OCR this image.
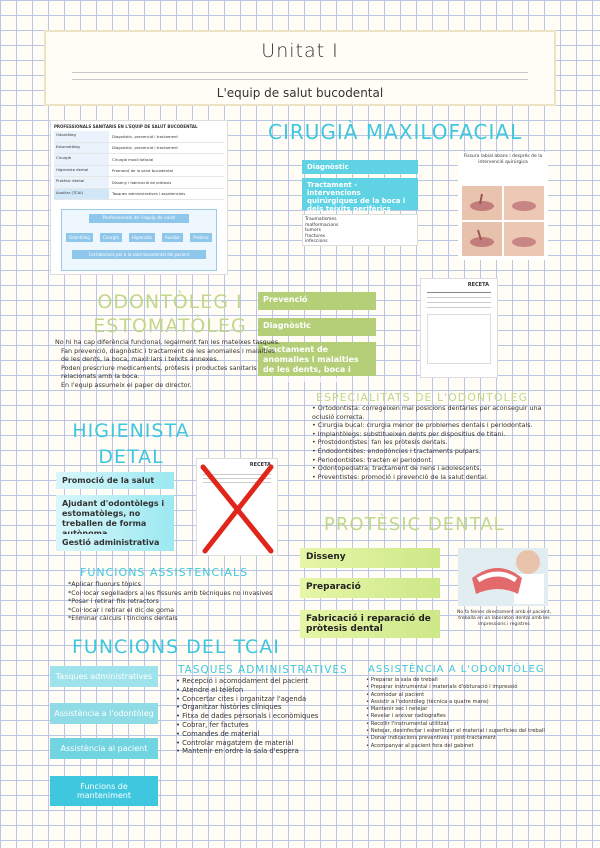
Unitat I
L'equip de salut bucodental
PROFESSIONALS SANITARIS EN L'EQUIP DE SALUT BUCODENTAL
Odontòleg	Diagnòstic, prevenció i tractament
Estomatòleg	Diagnòstic, prevenció i tractament
Cirurgià	Cirurgia maxil·lofacial
Higienista dental	Promoció de la salut bucodental
Protèsic dental	Disseny i fabricació de pròtesis
Auxiliar (TCAI)	Tasques administratives i assistencials
Professionals de l'equip de salut
Odontòleg	Cirurgià	Higienista	Auxiliar	Protèsic
Col·laboració per a la salut bucodental del pacient
CIRUGIÀ MAXILOFACIAL
Diagnòstic
Tractament - intervencions quirúrgiques de la boca i dels teixits perifèrics
Traumatismes
malformacions
tumors
fractures
infeccions
Fissura labial abans i després de la intervenció quirúrgica
ODONTÒLEG I
ESTOMATÒLEG
Prevenció
Diagnòstic
Tractament de anomalies i malalties de les dents, boca i teixits adjacents
RECETA
No hi ha cap diferència funcional, legalment fan les mateixes tasques.
Fan prevenció, diagnòstic i tractament de les anomalies i malalties de les dents, la boca, maxil·lars i teixits annexes.
Poden prescriure medicaments, pròtesis i productes sanitaris relacionats amb la boca.
En l'equip assumeix el paper de director.
ESPECIALITATS DE L'ODONTÒLEG
• Ortodontista: corregeixen mal posicions dentàries per aconseguir una oclusió correcta.
• Cirurgia bucal: cirurgia menor de problemes dentals i periodontals.
• Implantòlegs: substitueixen dents per dispositius de titani.
• Prostodontistes: fan les pròtesis dentals.
• Endodontistes: endodòncies i tractaments pulpars.
• Periodontistes: tracten el periodont.
• Odontopediatra: tractament de nens i adolescents.
• Preventistes: promoció i prevenció de la salut dental.
HIGIENISTA
DETAL
Promoció de la salut
Ajudant d'odontòlegs i estomatòlegs, no treballen de forma
Gestió administrativa
RECETA
FUNCIONS ASSISTENCIALS
*Aplicar fluorurs tòpics
*Col·locar segelladors a les fissures amb tècniques no invasives
*Posar i retirar fils retractors
*Col·locar i retirar el dic de goma
*Eliminar càlculs i tincions dentals
PROTÈSIC DENTAL
Disseny
Preparació
Fabricació i reparació de pròtesis dental
No fa feines directament amb el pacient, treballa en un laboratori dental amb les impressions i registres
FUNCIONS DEL TCAI
Tasques administratives
Assistència a l'odontòleg
Assistència al pacient
Funcions de manteniment
TASQUES ADMINISTRATIVES
• Recepció i acomodament del pacient
• Atendre el telèfon
• Concertar cites i organitzar l'agenda
• Organitzar històries clíniques
• Fitxa de dades personals i econòmiques
• Cobrar, fer factures
• Comandes de material
• Controlar magatzem de material
• Mantenir en ordre la sala d'espera
ASSISTÈNCIA A L'ODONTÒLEG
• Preparar la sala de treball
• Preparar instrumental i materials d'obturació i impressió
• Acomodar al pacient
• Assistir a l'odontòleg (tècnica a quatre mans)
• Mantenir sec i netejar
• Revelar i arxivar radiografies
• Recollir l'instrumental utilitzat
• Netejar, desinfectar i esterilitzar el material i superfícies del treball
• Donar indicacions preventives i post-tractament
• Acompanyar al pacient fora del gabinet
